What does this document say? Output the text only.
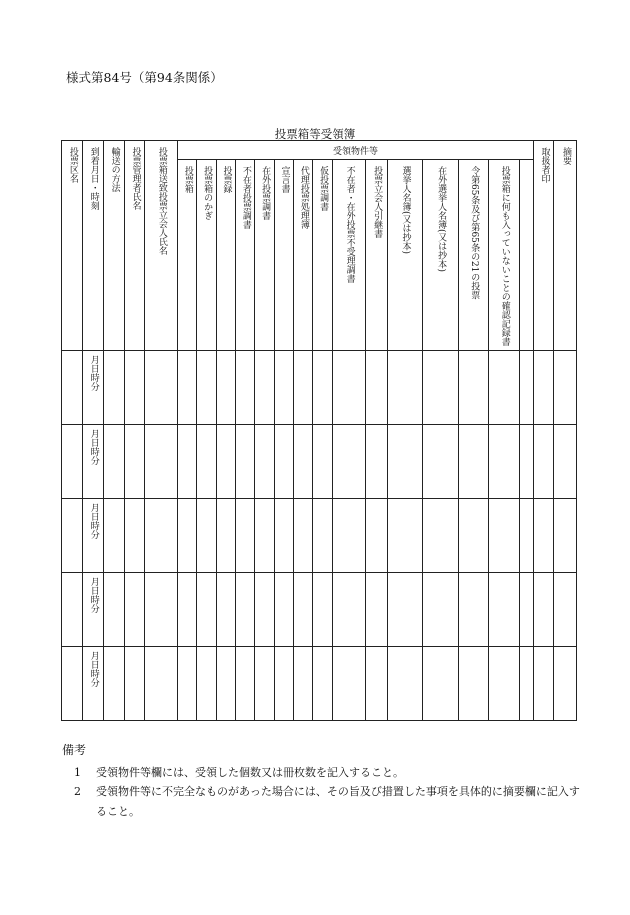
様式第84号（第94条関係）
投票箱等受領簿
投票区名	到着月日・時刻	輸送の方法	投票管理者氏名	投票箱送致投票立会人氏名	受領物件等															取扱者印	摘要

					投票箱	投票箱のかぎ	投票録	不在者投票調書	在外投票調書	宣言書	代理投票処理簿	仮投票調書	不在者・在外投票不受理調書	投票立会人引継書	選挙人名簿(又は抄本)	在外選挙人名簿(又は抄本)	令第65条及び第65条の21の投票	投票箱に何も入っていないことの確認記録書			

	月日時分																				

	月日時分																				

	月日時分																				

	月日時分																				

	月日時分																				

備考
1	受領物件等欄には、受領した個数又は冊枚数を記入すること。
2	受領物件等に不完全なものがあった場合には、その旨及び措置した事項を具体的に摘要欄に記入すること。
